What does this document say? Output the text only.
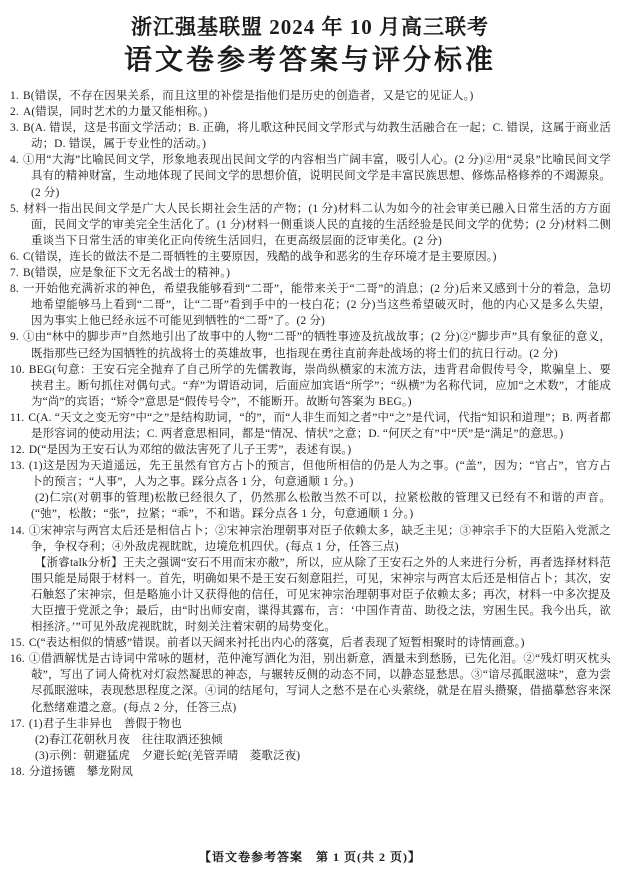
浙江强基联盟 2024 年 10 月高三联考
语文卷参考答案与评分标准
1. B(错误，不存在因果关系，而且这里的补偿是指他们是历史的创造者，又是它的见证人。)
2. A(错误，同时艺术的力量又能相称。)
3. B(A. 错误，这是书面文学活动；B. 正确，将儿歌这种民间文学形式与幼教生活融合在一起；C. 错误，这属于商业活动；D. 错误，属于专业性的活动。)
4. ①用“大海”比喻民间文学，形象地表现出民间文学的内容相当广阔丰富，吸引人心。(2 分)②用“灵泉”比喻民间文学具有的精神财富，生动地体现了民间文学的思想价值，说明民间文学是丰富民族思想、修炼品格修养的不竭源泉。(2 分)
5. 材料一指出民间文学是广大人民长期社会生活的产物；(1 分)材料二认为如今的社会审美已融入日常生活的方方面面，民间文学的审美完全生活化了。(1 分)材料一侧重谈人民的直接的生活经验是民间文学的优势；(2 分)材料二侧重谈当下日常生活的审美化正向传统生活回归，在更高级层面的泛审美化。(2 分)
6. C(错误，连长的做法不是二哥牺牲的主要原因，残酷的战争和恶劣的生存环境才是主要原因。)
7. B(错误，应是象征下文无名战士的精神。)
8. 一开始他充满祈求的神色，希望我能够看到“二哥”，能带来关于“二哥”的消息；(2 分)后来又感到十分的着急，急切地希望能够马上看到“二哥”，让“二哥”看到手中的一枝白花；(2 分)当这些希望破灭时，他的内心又是多么失望，因为事实上他已经永远不可能见到牺牲的“二哥”了。(2 分)
9. ①由“林中的脚步声”自然地引出了故事中的人物“二哥”的牺牲事迹及抗战故事；(2 分)②“脚步声”具有象征的意义，既指那些已经为国牺牲的抗战将士的英雄故事，也指现在勇往直前奔赴战场的将士们的抗日行动。(2 分)
10. BEG(句意：王安石完全抛弃了自己所学的先儒教诲，崇尚纵横家的末流方法，违背君命假传号令，欺骗皇上、要挟君主。断句抓住对偶句式。“弃”为谓语动词，后面应加宾语“所学”；“纵横”为名称代词，应加“之术数”，才能成为“尚”的宾语；“矫令”意思是“假传号令”，不能断开。故断句答案为 BEG。)
11. C(A. “天文之变无穷”中“之”是结构助词，“的”，而“人非生而知之者”中“之”是代词，代指“知识和道理”；B. 两者都是形容词的使动用法；C. 两者意思相同，都是“情况、情状”之意；D. “何厌之有”中“厌”是“满足”的意思。)
12. D(“是因为王安石认为邓绾的做法害死了儿子王雱”，表述有误。)
13. (1)这是因为天道遥远，先王虽然有官方占卜的预言，但他所相信的仍是人为之事。(“盖”，因为；“官占”，官方占卜的预言；“人事”，人为之事。踩分点各 1 分，句意通顺 1 分。)
(2)仁宗(对朝事的管理)松散已经很久了，仍然那么松散当然不可以，拉紧松散的管理又已经有不和谐的声音。(“弛”，松散；“张”，拉紧；“乖”，不和谐。踩分点各 1 分，句意通顺 1 分。)
14. ①宋神宗与两宫太后还是相信占卜；②宋神宗治理朝事对臣子依赖太多，缺乏主见；③神宗手下的大臣陷入党派之争，争权夺利；④外敌虎视眈眈，边境危机四伏。(每点 1 分，任答三点)
【浙睿talk分析】王夫之强调“安石不用而宋亦敝”，所以，应从除了王安石之外的人来进行分析，再者选择材料范围只能是局限于材料一。首先，明确如果不是王安石刻意阻拦，可见，宋神宗与两宫太后还是相信占卜；其次，安石触怒了宋神宗，但是略施小计又获得他的信任，可见宋神宗治理朝事对臣子依赖太多；再次，材料一中多次提及大臣擅于党派之争；最后，由“时出师安南，谍得其露布，言：‘中国作青苗、助役之法，穷困生民。我今出兵，欲相拯济。’”可见外敌虎视眈眈，时刻关注着宋朝的局势变化。
15. C(“表达相似的情感”错误。前者以天阔来衬托出内心的落寞，后者表现了短暂相聚时的诗情画意。)
16. ①借酒解忧是古诗词中常咏的题材，范仲淹写酒化为泪，别出新意，酒量未到愁肠，已先化泪。②“残灯明灭枕头敧”，写出了词人倚枕对灯寂然凝思的神态，与辗转反侧的动态不同，以静态显愁思。③“谙尽孤眠滋味”，意为尝尽孤眠滋味，表现愁思程度之深。④词的结尾句，写词人之愁不是在心头萦绕，就是在眉头攒聚，借描摹愁容来深化愁绪难遣之意。(每点 2 分，任答三点)
17. (1)君子生非异也　善假于物也
(2)春江花朝秋月夜　往往取酒还独倾
(3)示例：朝避猛虎　夕避长蛇(羌管弄晴　菱歌泛夜)
18. 分道扬镳　攀龙附凤
【语文卷参考答案　第 1 页(共 2 页)】
